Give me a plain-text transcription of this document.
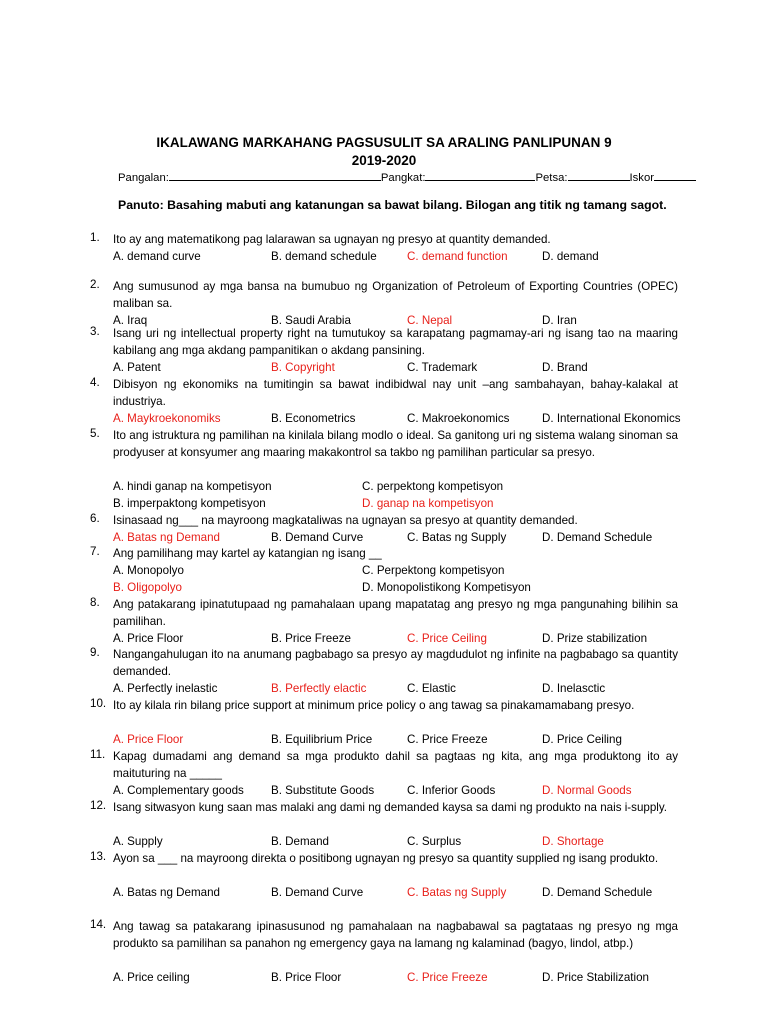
IKALAWANG MARKAHANG PAGSUSULIT SA ARALING PANLIPUNAN 9
2019-2020
Pangalan:	Pangkat:	Petsa:	Iskor
Panuto: Basahing mabuti ang katanungan sa bawat bilang. Bilogan ang titik ng tamang sagot.
1. Ito ay ang matematikong pag lalarawan sa ugnayan ng presyo at quantity demanded.
A. demand curve	B. demand schedule	C. demand function	D. demand
2. Ang sumusunod ay mga bansa na bumubuo ng Organization of Petroleum of Exporting Countries (OPEC) maliban sa.
A. Iraq	B. Saudi Arabia	C. Nepal	D. Iran
3. Isang uri ng intellectual property right na tumutukoy sa karapatang pagmamay-ari ng isang tao na maaring kabilang ang mga akdang pampanitikan o akdang pansining.
A. Patent	B. Copyright	C. Trademark	D. Brand
4. Dibisyon ng ekonomiks na tumitingin sa bawat indibidwal nay unit –ang sambahayan, bahay-kalakal at industriya.
A. Maykroekonomiks	B. Econometrics	C. Makroekonomics	D. International Ekonomics
5. Ito ang istruktura ng pamilihan na kinilala bilang modlo o ideal. Sa ganitong uri ng sistema walang sinoman sa prodyuser at konsyumer ang maaring makakontrol sa takbo ng pamilihan particular sa presyo.
A. hindi ganap na kompetisyon	C. perpektong kompetisyon
B. imperpaktong kompetisyon	D. ganap na kompetisyon
6. Isinasaad ng___ na mayroong magkataliwas na ugnayan sa presyo at quantity demanded.
A. Batas ng Demand	B. Demand Curve	C. Batas ng Supply	D. Demand Schedule
7. Ang pamilihang may kartel ay katangian ng isang __
A. Monopolyo	C. Perpektong kompetisyon
B. Oligopolyo	D. Monopolistikong Kompetisyon
8. Ang patakarang ipinatutupaad ng pamahalaan upang mapatatag ang presyo ng mga pangunahing bilihin sa pamilihan.
A. Price Floor	B. Price Freeze	C. Price Ceiling	D. Prize stabilization
9. Nangangahulugan ito na anumang pagbabago sa presyo ay magdudulot ng infinite na pagbabago sa quantity demanded.
A. Perfectly inelastic	B. Perfectly elactic	C. Elastic	D. Inelasctic
10. Ito ay kilala rin bilang price support at minimum price policy o ang tawag sa pinakamamabang presyo.
A. Price Floor	B. Equilibrium Price	C. Price Freeze	D. Price Ceiling
11. Kapag dumadami ang demand sa mga produkto dahil sa pagtaas ng kita, ang mga produktong ito ay maituturing na _____
A. Complementary goods B. Substitute Goods	C. Inferior Goods	D. Normal Goods
12. Isang sitwasyon kung saan mas malaki ang dami ng demanded kaysa sa dami ng produkto na nais i-supply.
A. Supply	B. Demand	C. Surplus	D. Shortage
13. Ayon sa ___ na mayroong direkta o positibong ugnayan ng presyo sa quantity supplied ng isang produkto.
A. Batas ng Demand	B. Demand Curve	C. Batas ng Supply	D. Demand Schedule
14. Ang tawag sa patakarang ipinasusunod ng pamahalaan na nagbabawal sa pagtataas ng presyo ng mga produkto sa pamilihan sa panahon ng emergency gaya na lamang ng kalaminad (bagyo, lindol, atbp.)
A. Price ceiling	B. Price Floor	C. Price Freeze	D. Price Stabilization
